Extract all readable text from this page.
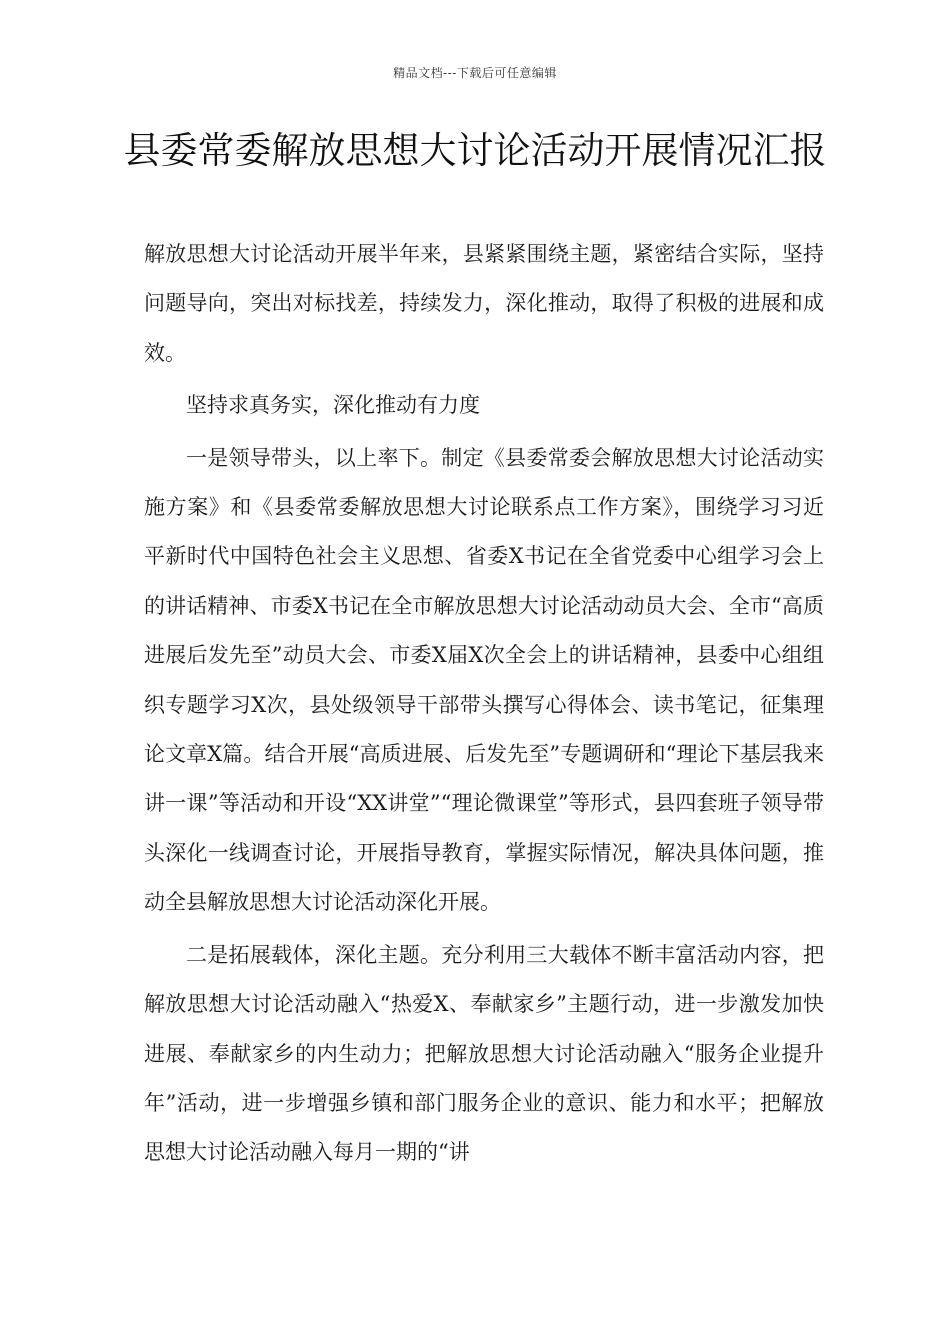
精品文档---下载后可任意编辑
县委常委解放思想大讨论活动开展情况汇报

解放思想大讨论活动开展半年来，县紧紧围绕主题，紧密结合实际，坚持问题导向，突出对标找差，持续发力，深化推动，取得了积极的进展和成效。

坚持求真务实，深化推动有力度

一是领导带头，以上率下。制定《县委常委会解放思想大讨论活动实施方案》和《县委常委解放思想大讨论联系点工作方案》，围绕学习习近平新时代中国特色社会主义思想、省委X书记在全省党委中心组学习会上的讲话精神、市委X书记在全市解放思想大讨论活动动员大会、全市“高质进展后发先至”动员大会、市委X届X次全会上的讲话精神，县委中心组组织专题学习X次，县处级领导干部带头撰写心得体会、读书笔记，征集理论文章X篇。结合开展“高质进展、后发先至”专题调研和“理论下基层我来讲一课”等活动和开设“XX讲堂”“理论微课堂”等形式，县四套班子领导带头深化一线调查讨论，开展指导教育，掌握实际情况，解决具体问题，推动全县解放思想大讨论活动深化开展。

二是拓展载体，深化主题。充分利用三大载体不断丰富活动内容，把解放思想大讨论活动融入“热爱X、奉献家乡”主题行动，进一步激发加快进展、奉献家乡的内生动力；把解放思想大讨论活动融入“服务企业提升年”活动，进一步增强乡镇和部门服务企业的意识、能力和水平；把解放思想大讨论活动融入每月一期的“讲
